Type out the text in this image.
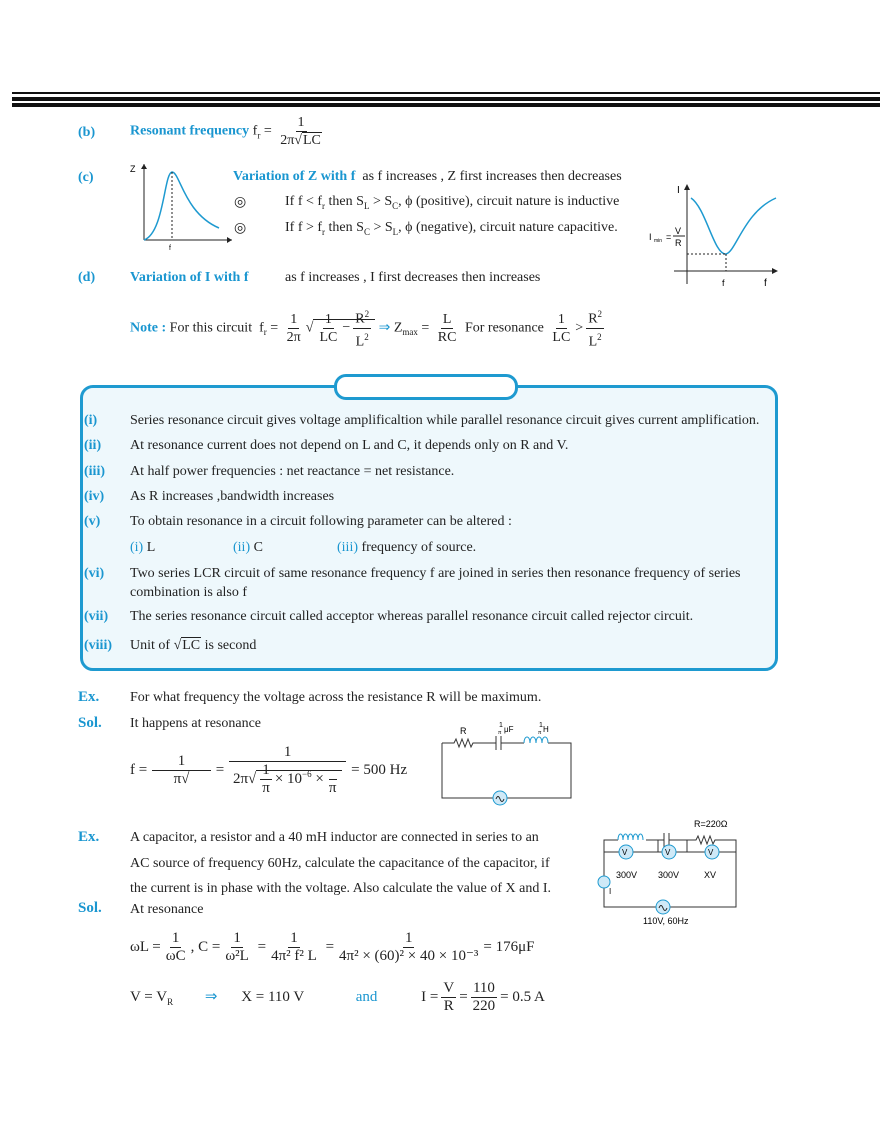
(b) Resonant frequency $f_r = \frac{1}{2\pi√LC}$
(c)
Z
f
Variation of Z with f as f increases , Z first increases then decreases
◎	If $f < f_r$ then $S_L > S_C$, ϕ (positive), circuit nature is inductive
◎	If $f > f_r$ then $S_C > S_L$, ϕ (negative), circuit nature capacitive.
I
f
f
I min =
V
R
(d) Variation of I with f	as f increases , I first decreases then increases
Note : For this circuit $f_r = \frac{1}{2\pi}$ √ $\frac{1}{LC} - \frac{R^2}{L^2}$ ⇒ $Z_{max} = \frac{L}{RC}$ For resonance $\frac{1}{LC} > \frac{R^2}{L^2}$
(i) Series resonance circuit gives voltage amplificaltion while parallel resonance circuit gives current amplification.
(ii) At resonance current does not depend on L and C, it depends only on R and V.
(iii) At half power frequencies : net reactance = net resistance.
(iv) As R increases ,bandwidth increases
(v) To obtain resonance in a circuit following parameter can be altered :
(i) L	(ii) C	(iii) frequency of source.
(vi) Two series LCR circuit of same resonance frequency f are joined in series then resonance frequency of series
combination is also f
(vii) The series resonance circuit called acceptor whereas parallel resonance circuit called rejector circuit.
(viii) Unit of √LC is second
Ex. For what frequency the voltage across the resistance R will be maximum.
Sol. It happens at resonance
$f = \frac{1}{\pi√} = 1$
$2\pi√ \frac{1}{\pi} \times 10^{-6}$ ×

π = 500 Hz
R
1
π μF	1
π H
Ex. A capacitor, a resistor and a 40 mH inductor are connected in series to an
AC source of frequency 60Hz, calculate the capacitance of the capacitor, if
the current is in phase with the voltage. Also calculate the value of X and I.
Sol. At resonance
R=220Ω
V	V	V
300V 300V	XV
I
110V, 60Hz
$\omega L = \frac{1}{\omega C}$ , $C = \frac{1}{\text{ω²L}} = \frac{1}{\text{4π² f² L}} = \frac{1}{\text{4π² × (60)² × 40 × 10⁻³}} = 176\mu F$
$V = V_R$ ⇒ X = 110 V	and	$I = \frac{V}{R} = \frac{110}{220} = 0.5$ A
